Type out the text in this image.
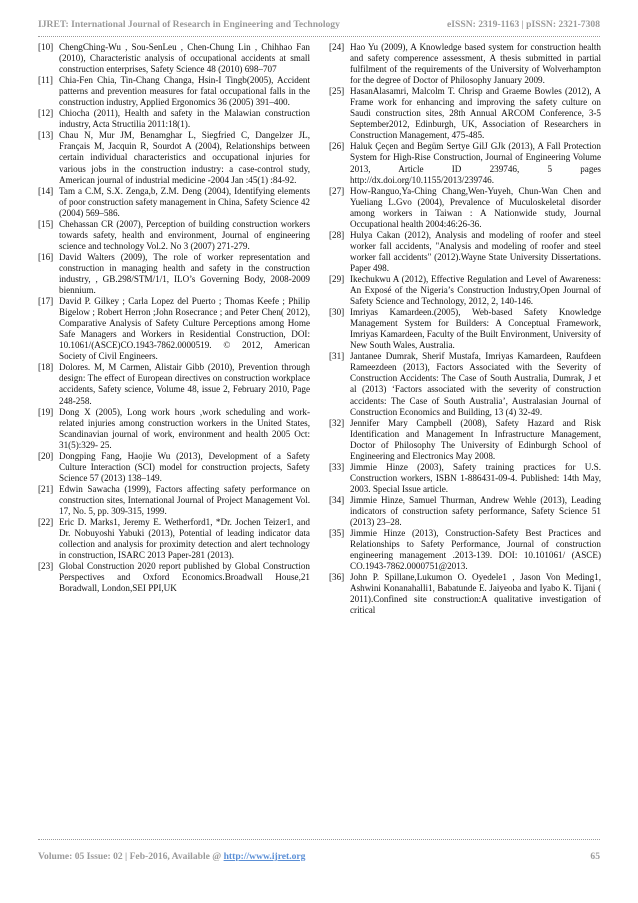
IJRET: International Journal of Research in Engineering and Technology	eISSN: 2319-1163 | pISSN: 2321-7308
[10] ChengChing-Wu , Sou-SenLeu , Chen-Chung Lin , Chihhao Fan (2010), Characteristic analysis of occupational accidents at small construction enterprises, Safety Science 48 (2010) 698–707
[11] Chia-Fen Chia, Tin-Chang Changa, Hsin-I Tingb(2005), Accident patterns and prevention measures for fatal occupational falls in the construction industry, Applied Ergonomics 36 (2005) 391–400.
[12] Chiocha (2011), Health and safety in the Malawian construction industry, Acta Structilia 2011:18(1).
[13] Chau N, Mur JM, Benamghar L, Siegfried C, Dangelzer JL, Français M, Jacquin R, Sourdot A (2004), Relationships between certain individual characteristics and occupational injuries for various jobs in the construction industry: a case-control study, American journal of industrial medicine -2004 Jan :45(1) :84-92.
[14] Tam a C.M, S.X. Zenga,b, Z.M. Deng (2004), Identifying elements of poor construction safety management in China, Safety Science 42 (2004) 569–586.
[15] Chehassan CR (2007), Perception of building construction workers towards safety, health and environment, Journal of engineering science and technology Vol.2. No 3 (2007) 271-279.
[16] David Walters (2009), The role of worker representation and construction in managing health and safety in the construction industry, , GB.298/STM/1/1, ILO’s Governing Body, 2008-2009 biennium.
[17] David P. Gilkey ; Carla Lopez del Puerto ; Thomas Keefe ; Philip Bigelow ; Robert Herron ;John Rosecrance ; and Peter Chen( 2012), Comparative Analysis of Safety Culture Perceptions among Home Safe Managers and Workers in Residential Construction, DOI: 10.1061/(ASCE)CO.1943-7862.0000519. © 2012, American Society of Civil Engineers.
[18] Dolores. M, M Carmen, Alistair Gibb (2010), Prevention through design: The effect of European directives on construction workplace accidents, Safety science, Volume 48, issue 2, February 2010, Page 248-258.
[19] Dong X (2005), Long work hours ,work scheduling and work-related injuries among construction workers in the United States, Scandinavian journal of work, environment and health 2005 Oct: 31(5):329- 25.
[20] Dongping Fang, Haojie Wu (2013), Development of a Safety Culture Interaction (SCI) model for construction projects, Safety Science 57 (2013) 138–149.
[21] Edwin Sawacha (1999), Factors affecting safety performance on construction sites, International Journal of Project Management Vol. 17, No. 5, pp. 309-315, 1999.
[22] Eric D. Marks1, Jeremy E. Wetherford1, *Dr. Jochen Teizer1, and Dr. Nobuyoshi Yabuki (2013), Potential of leading indicator data collection and analysis for proximity detection and alert technology in construction, ISARC 2013 Paper-281 (2013).
[23] Global Construction 2020 report published by Global Construction Perspectives and Oxford Economics.Broadwall House,21 Boradwall, London,SEI PPI,UK
[24] Hao Yu (2009), A Knowledge based system for construction health and safety comperence assessment, A thesis submitted in partial fulfilment of the requirements of the University of Wolverhampton for the degree of Doctor of Philosophy January 2009.
[25] HasanAlasamri, Malcolm T. Chrisp and Graeme Bowles (2012), A Frame work for enhancing and improving the safety culture on Saudi construction sites, 28th Annual ARCOM Conference, 3-5 September2012, Edinburgh, UK, Association of Researchers in Construction Management, 475-485.
[26] Haluk Çeçen and Begüm Sertye GilJ GJk (2013), A Fall Protection System for High-Rise Construction, Journal of Engineering Volume 2013, Article ID 239746, 5 pages http://dx.doi.org/10.1155/2013/239746.
[27] How-Ranguo,Ya-Ching Chang,Wen-Yuyeh, Chun-Wan Chen and Yueliang L.Gvo (2004), Prevalence of Muculoskeletal disorder among workers in Taiwan : A Nationwide study, Journal Occupational health 2004:46:26-36.
[28] Hulya Cakan (2012), Analysis and modeling of roofer and steel worker fall accidents, "Analysis and modeling of roofer and steel worker fall accidents" (2012).Wayne State University Dissertations. Paper 498.
[29] Ikechukwu A (2012), Effective Regulation and Level of Awareness: An Exposé of the Nigeria’s Construction Industry,Open Journal of Safety Science and Technology, 2012, 2, 140-146.
[30] Imriyas Kamardeen.(2005), Web-based Safety Knowledge Management System for Builders: A Conceptual Framework, Imriyas Kamardeen, Faculty of the Built Environment, University of New South Wales, Australia.
[31] Jantanee Dumrak, Sherif Mustafa, Imriyas Kamardeen, Raufdeen Rameezdeen (2013), Factors Associated with the Severity of Construction Accidents: The Case of South Australia, Dumrak, J et al (2013) ‘Factors associated with the severity of construction accidents: The Case of South Australia’, Australasian Journal of Construction Economics and Building, 13 (4) 32-49.
[32] Jennifer Mary Campbell (2008), Safety Hazard and Risk Identification and Management In Infrastructure Management, Doctor of Philosophy The University of Edinburgh School of Engineering and Electronics May 2008.
[33] Jimmie Hinze (2003), Safety training practices for U.S. Construction workers, ISBN 1-886431-09-4. Published: 14th May, 2003. Special Issue article.
[34] Jimmie Hinze, Samuel Thurman, Andrew Wehle (2013), Leading indicators of construction safety performance, Safety Science 51 (2013) 23–28.
[35] Jimmie Hinze (2013), Construction-Safety Best Practices and Relationships to Safety Performance, Journal of construction engineering management .2013-139. DOI: 10.101061/ (ASCE) CO.1943-7862.0000751@2013.
[36] John P. Spillane,Lukumon O. Oyedele1 , Jason Von Meding1, Ashwini Konanahalli1, Babatunde E. Jaiyeoba and Iyabo K. Tijani ( 2011).Confined site construction:A qualitative investigation of critical
Volume: 05 Issue: 02 | Feb-2016, Available @ http://www.ijret.org	65
